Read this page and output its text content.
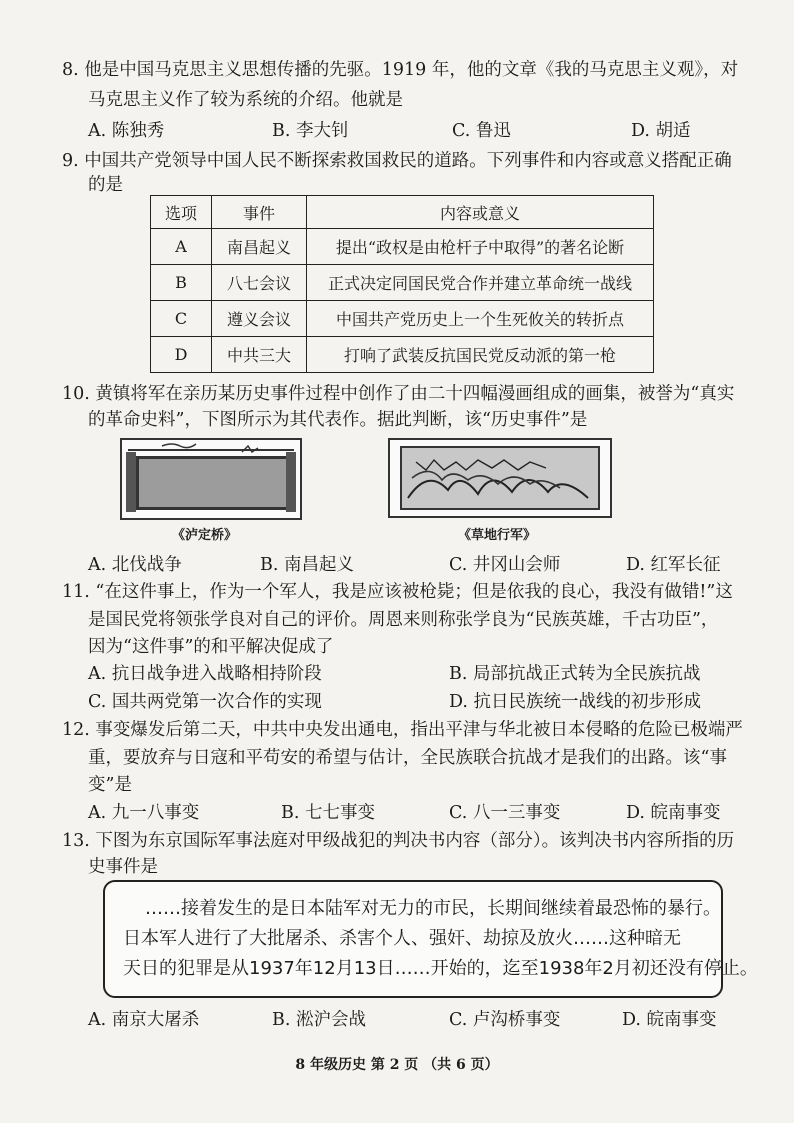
8. 他是中国马克思主义思想传播的先驱。1919 年，他的文章《我的马克思主义观》，对
马克思主义作了较为系统的介绍。他就是
A. 陈独秀	B. 李大钊	C. 鲁迅	D. 胡适
9. 中国共产党领导中国人民不断探索救国救民的道路。下列事件和内容或意义搭配正确
的是
选项	事件	内容或意义
A	南昌起义	提出“政权是由枪杆子中取得”的著名论断
B	八七会议	正式决定同国民党合作并建立革命统一战线
C	遵义会议	中国共产党历史上一个生死攸关的转折点
D	中共三大	打响了武装反抗国民党反动派的第一枪
10. 黄镇将军在亲历某历史事件过程中创作了由二十四幅漫画组成的画集，被誉为“真实
的革命史料”，下图所示为其代表作。据此判断，该“历史事件”是
《泸定桥》	《草地行军》
A. 北伐战争	B. 南昌起义	C. 井冈山会师	D. 红军长征
11. “在这件事上，作为一个军人，我是应该被枪毙；但是依我的良心，我没有做错!”这
是国民党将领张学良对自己的评价。周恩来则称张学良为“民族英雄，千古功臣”，
因为“这件事”的和平解决促成了
A. 抗日战争进入战略相持阶段	B. 局部抗战正式转为全民族抗战
C. 国共两党第一次合作的实现	D. 抗日民族统一战线的初步形成
12. 事变爆发后第二天，中共中央发出通电，指出平津与华北被日本侵略的危险已极端严
重，要放弃与日寇和平苟安的希望与估计，全民族联合抗战才是我们的出路。该“事
变”是
A. 九一八事变	B. 七七事变	C. 八一三事变	D. 皖南事变
13. 下图为东京国际军事法庭对甲级战犯的判决书内容（部分）。该判决书内容所指的历
史事件是
……接着发生的是日本陆军对无力的市民，长期间继续着最恐怖的暴行。
日本军人进行了大批屠杀、杀害个人、强奸、劫掠及放火……这种暗无
天日的犯罪是从1937年12月13日……开始的，迄至1938年2月初还没有停止。
A. 南京大屠杀	B. 淞沪会战	C. 卢沟桥事变	D. 皖南事变
8 年级历史 第 2 页 （共 6 页）
